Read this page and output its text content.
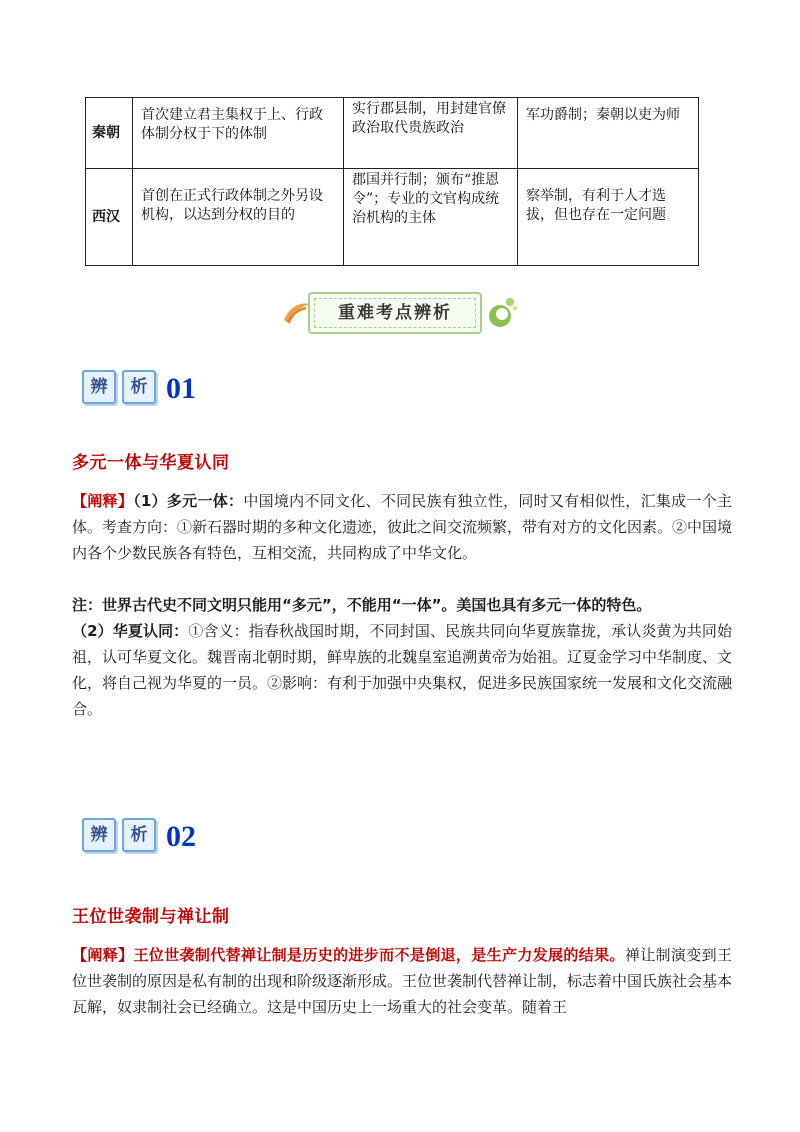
秦朝	首次建立君主集权于上、行政体制分权于下的体制	实行郡县制，用封建官僚政治取代贵族政治	军功爵制；秦朝以吏为师
西汉	首创在正式行政体制之外另设机构，以达到分权的目的	郡国并行制；颁布“推恩令”；专业的文官构成统治机构的主体	察举制，有利于人才选拔，但也存在一定问题
重难考点辨析
辨 析 01
多元一体与华夏认同
【阐释】（1）多元一体：中国境内不同文化、不同民族有独立性，同时又有相似性，汇集成一个主体。考查方向：①新石器时期的多种文化遗迹，彼此之间交流频繁，带有对方的文化因素。②中国境内各个少数民族各有特色，互相交流，共同构成了中华文化。
注：世界古代史不同文明只能用“多元”，不能用“一体”。美国也具有多元一体的特色。
（2）华夏认同：①含义：指春秋战国时期，不同封国、民族共同向华夏族靠拢，承认炎黄为共同始祖，认可华夏文化。魏晋南北朝时期，鲜卑族的北魏皇室追溯黄帝为始祖。辽夏金学习中华制度、文化，将自己视为华夏的一员。②影响：有利于加强中央集权，促进多民族国家统一发展和文化交流融合。
辨 析 02
王位世袭制与禅让制
【阐释】王位世袭制代替禅让制是历史的进步而不是倒退，是生产力发展的结果。禅让制演变到王位世袭制的原因是私有制的出现和阶级逐渐形成。王位世袭制代替禅让制，标志着中国氏族社会基本瓦解，奴隶制社会已经确立。这是中国历史上一场重大的社会变革。随着王
